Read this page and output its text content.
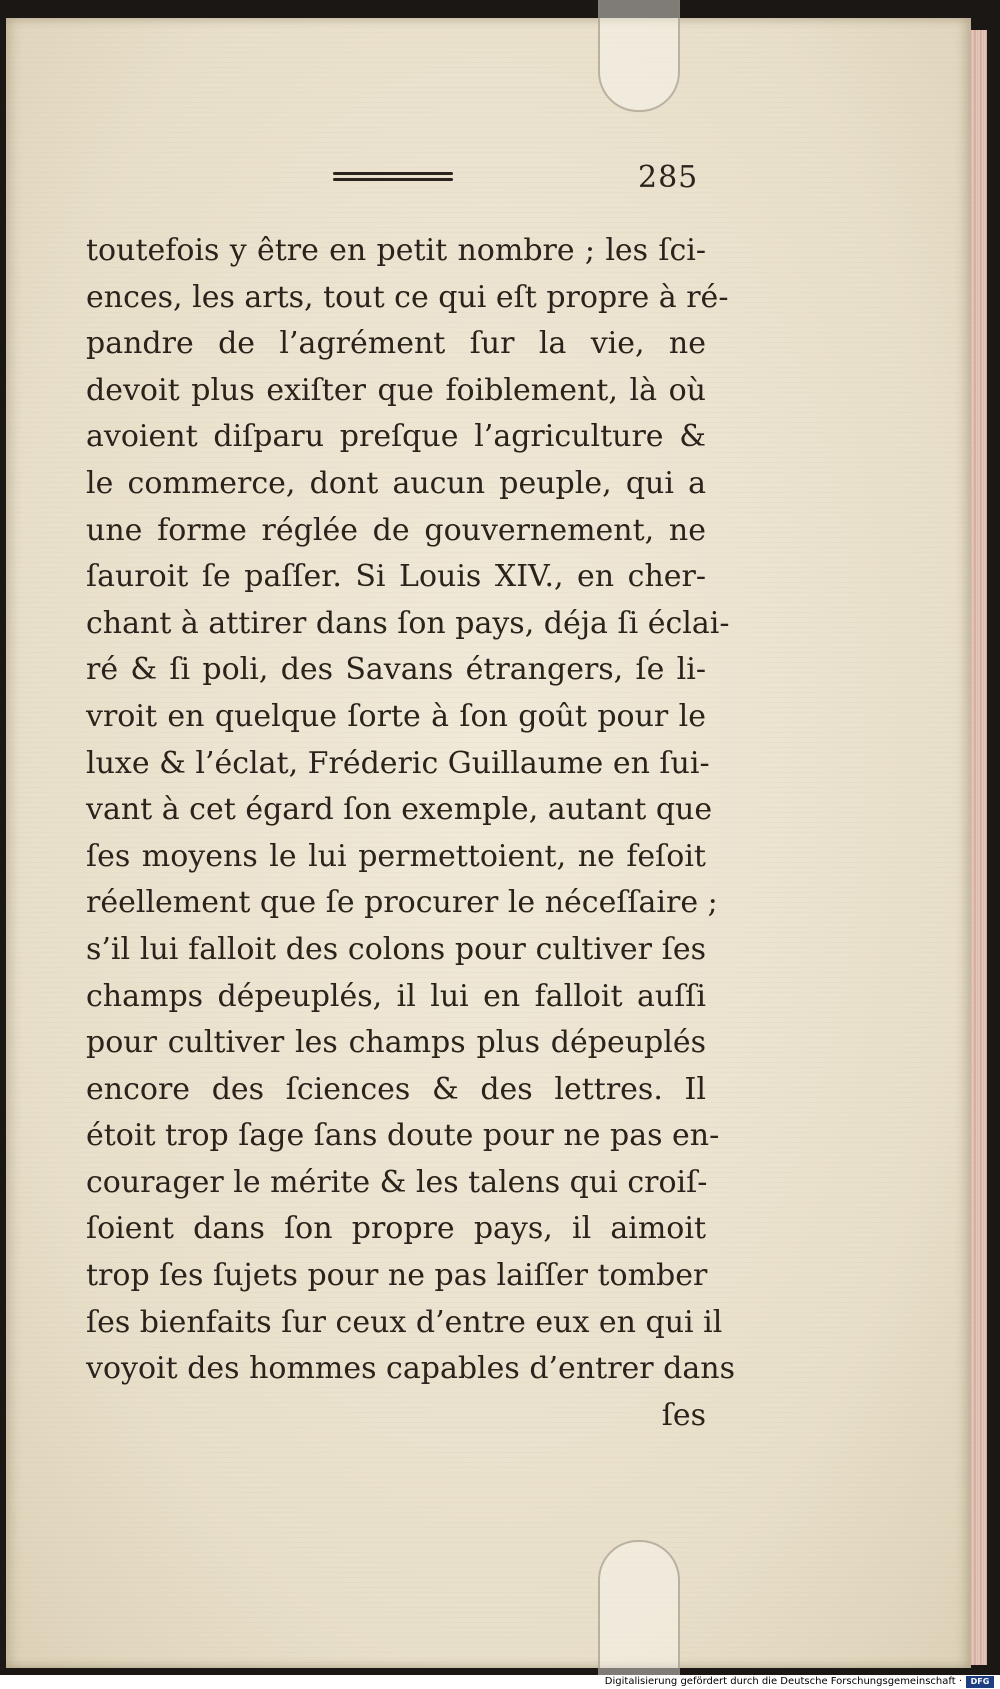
285
toutefois y être en petit nombre ; les ſci-
ences, les arts, tout ce qui eſt propre à ré-
pandre de l’agrément ſur la vie, ne
devoit plus exiſter que foiblement, là où
avoient diſparu preſque l’agriculture &
le commerce, dont aucun peuple, qui a
une forme réglée de gouvernement, ne
ſauroit ſe paſſer. Si Louis XIV., en cher-
chant à attirer dans ſon pays, déja ſi éclai-
ré & ſi poli, des Savans étrangers, ſe li-
vroit en quelque ſorte à ſon goût pour le
luxe & l’éclat, Fréderic Guillaume en ſui-
vant à cet égard ſon exemple, autant que
ſes moyens le lui permettoient, ne feſoit
réellement que ſe procurer le néceſſaire ;
s’il lui falloit des colons pour cultiver ſes
champs dépeuplés, il lui en falloit auſſi
pour cultiver les champs plus dépeuplés
encore des ſciences & des lettres. Il
étoit trop ſage ſans doute pour ne pas en-
courager le mérite & les talens qui croiſ-
ſoient dans ſon propre pays, il aimoit
trop ſes ſujets pour ne pas laiſſer tomber
ſes bienfaits ſur ceux d’entre eux en qui il
voyoit des hommes capables d’entrer dans
ſes
Digitalisierung gefördert durch die Deutsche Forschungsgemeinschaft ·	DFG
